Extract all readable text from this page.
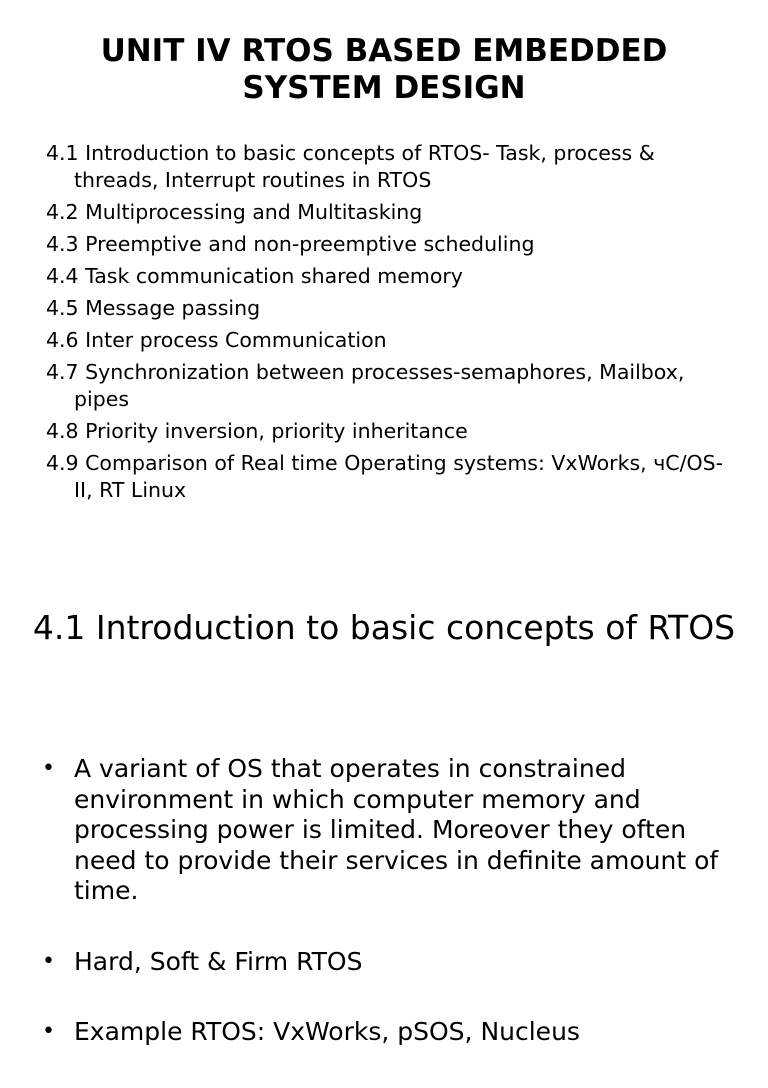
UNIT IV RTOS BASED EMBEDDED SYSTEM DESIGN
4.1 Introduction to basic concepts of RTOS- Task, process & threads, Interrupt routines in RTOS
4.2 Multiprocessing and Multitasking
4.3 Preemptive and non-preemptive scheduling
4.4 Task communication shared memory
4.5 Message passing
4.6 Inter process Communication
4.7 Synchronization between processes-semaphores, Mailbox, pipes
4.8 Priority inversion, priority inheritance
4.9 Comparison of Real time Operating systems: VxWorks, чC/OS-II, RT Linux
4.1 Introduction to basic concepts of RTOS
• A variant of OS that operates in constrained environment in which computer memory and processing power is limited. Moreover they often need to provide their services in definite amount of time.
• Hard, Soft & Firm RTOS
• Example RTOS: VxWorks, pSOS, Nucleus
